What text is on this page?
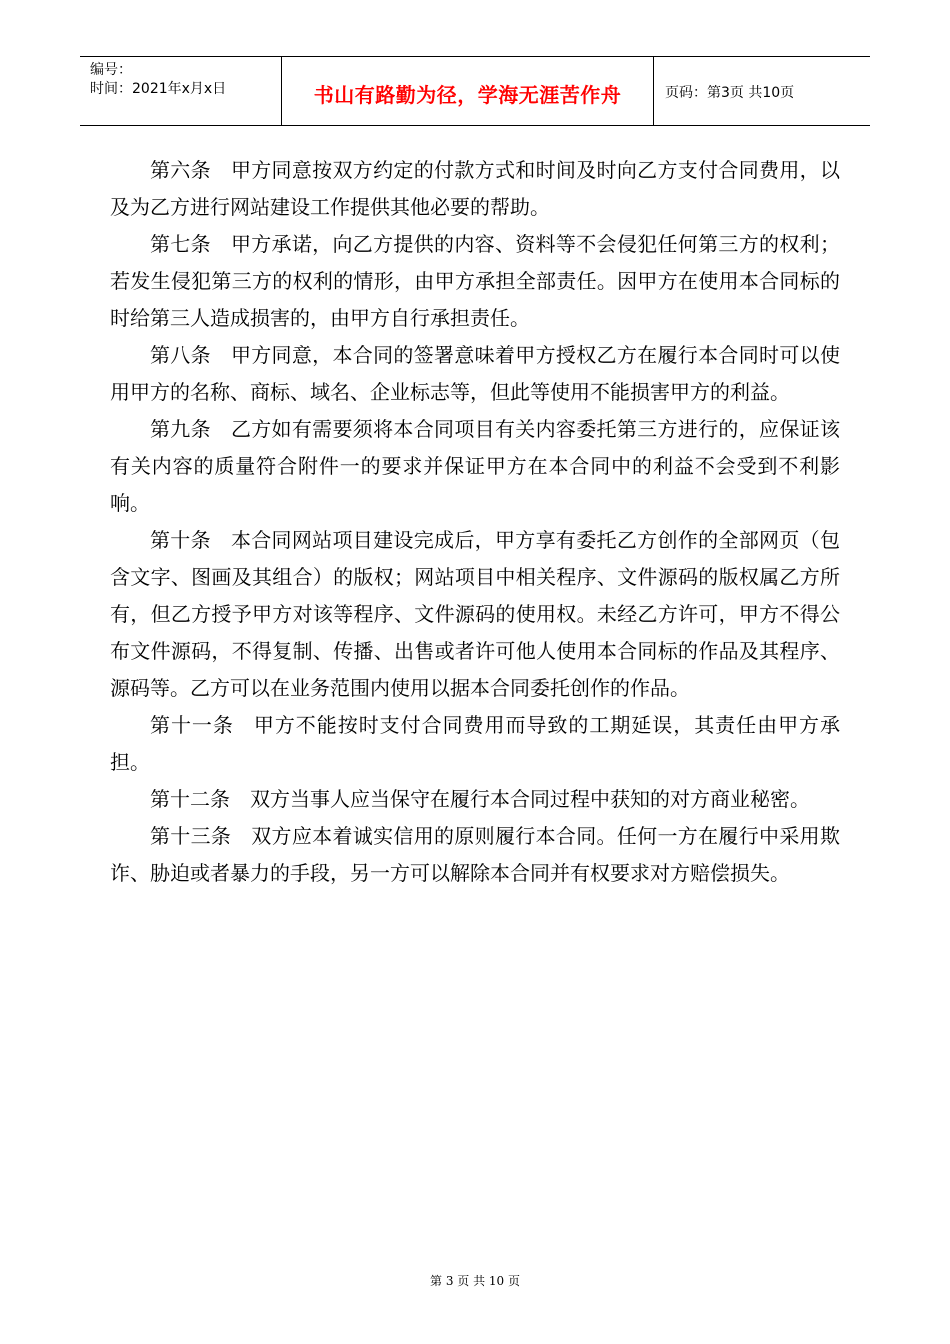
编号：
时间：2021年x月x日	书山有路勤为径，学海无涯苦作舟	页码：第3页 共10页

第六条 甲方同意按双方约定的付款方式和时间及时向乙方支付合同费用，以及为乙方进行网站建设工作提供其他必要的帮助。

第七条 甲方承诺，向乙方提供的内容、资料等不会侵犯任何第三方的权利；若发生侵犯第三方的权利的情形，由甲方承担全部责任。因甲方在使用本合同标的时给第三人造成损害的，由甲方自行承担责任。

第八条 甲方同意，本合同的签署意味着甲方授权乙方在履行本合同时可以使用甲方的名称、商标、域名、企业标志等，但此等使用不能损害甲方的利益。

第九条 乙方如有需要须将本合同项目有关内容委托第三方进行的，应保证该有关内容的质量符合附件一的要求并保证甲方在本合同中的利益不会受到不利影响。

第十条 本合同网站项目建设完成后，甲方享有委托乙方创作的全部网页（包含文字、图画及其组合）的版权；网站项目中相关程序、文件源码的版权属乙方所有，但乙方授予甲方对该等程序、文件源码的使用权。未经乙方许可，甲方不得公布文件源码，不得复制、传播、出售或者许可他人使用本合同标的作品及其程序、源码等。乙方可以在业务范围内使用以据本合同委托创作的作品。

第十一条 甲方不能按时支付合同费用而导致的工期延误，其责任由甲方承担。

第十二条 双方当事人应当保守在履行本合同过程中获知的对方商业秘密。

第十三条 双方应本着诚实信用的原则履行本合同。任何一方在履行中采用欺诈、胁迫或者暴力的手段，另一方可以解除本合同并有权要求对方赔偿损失。

第 3 页 共 10 页
